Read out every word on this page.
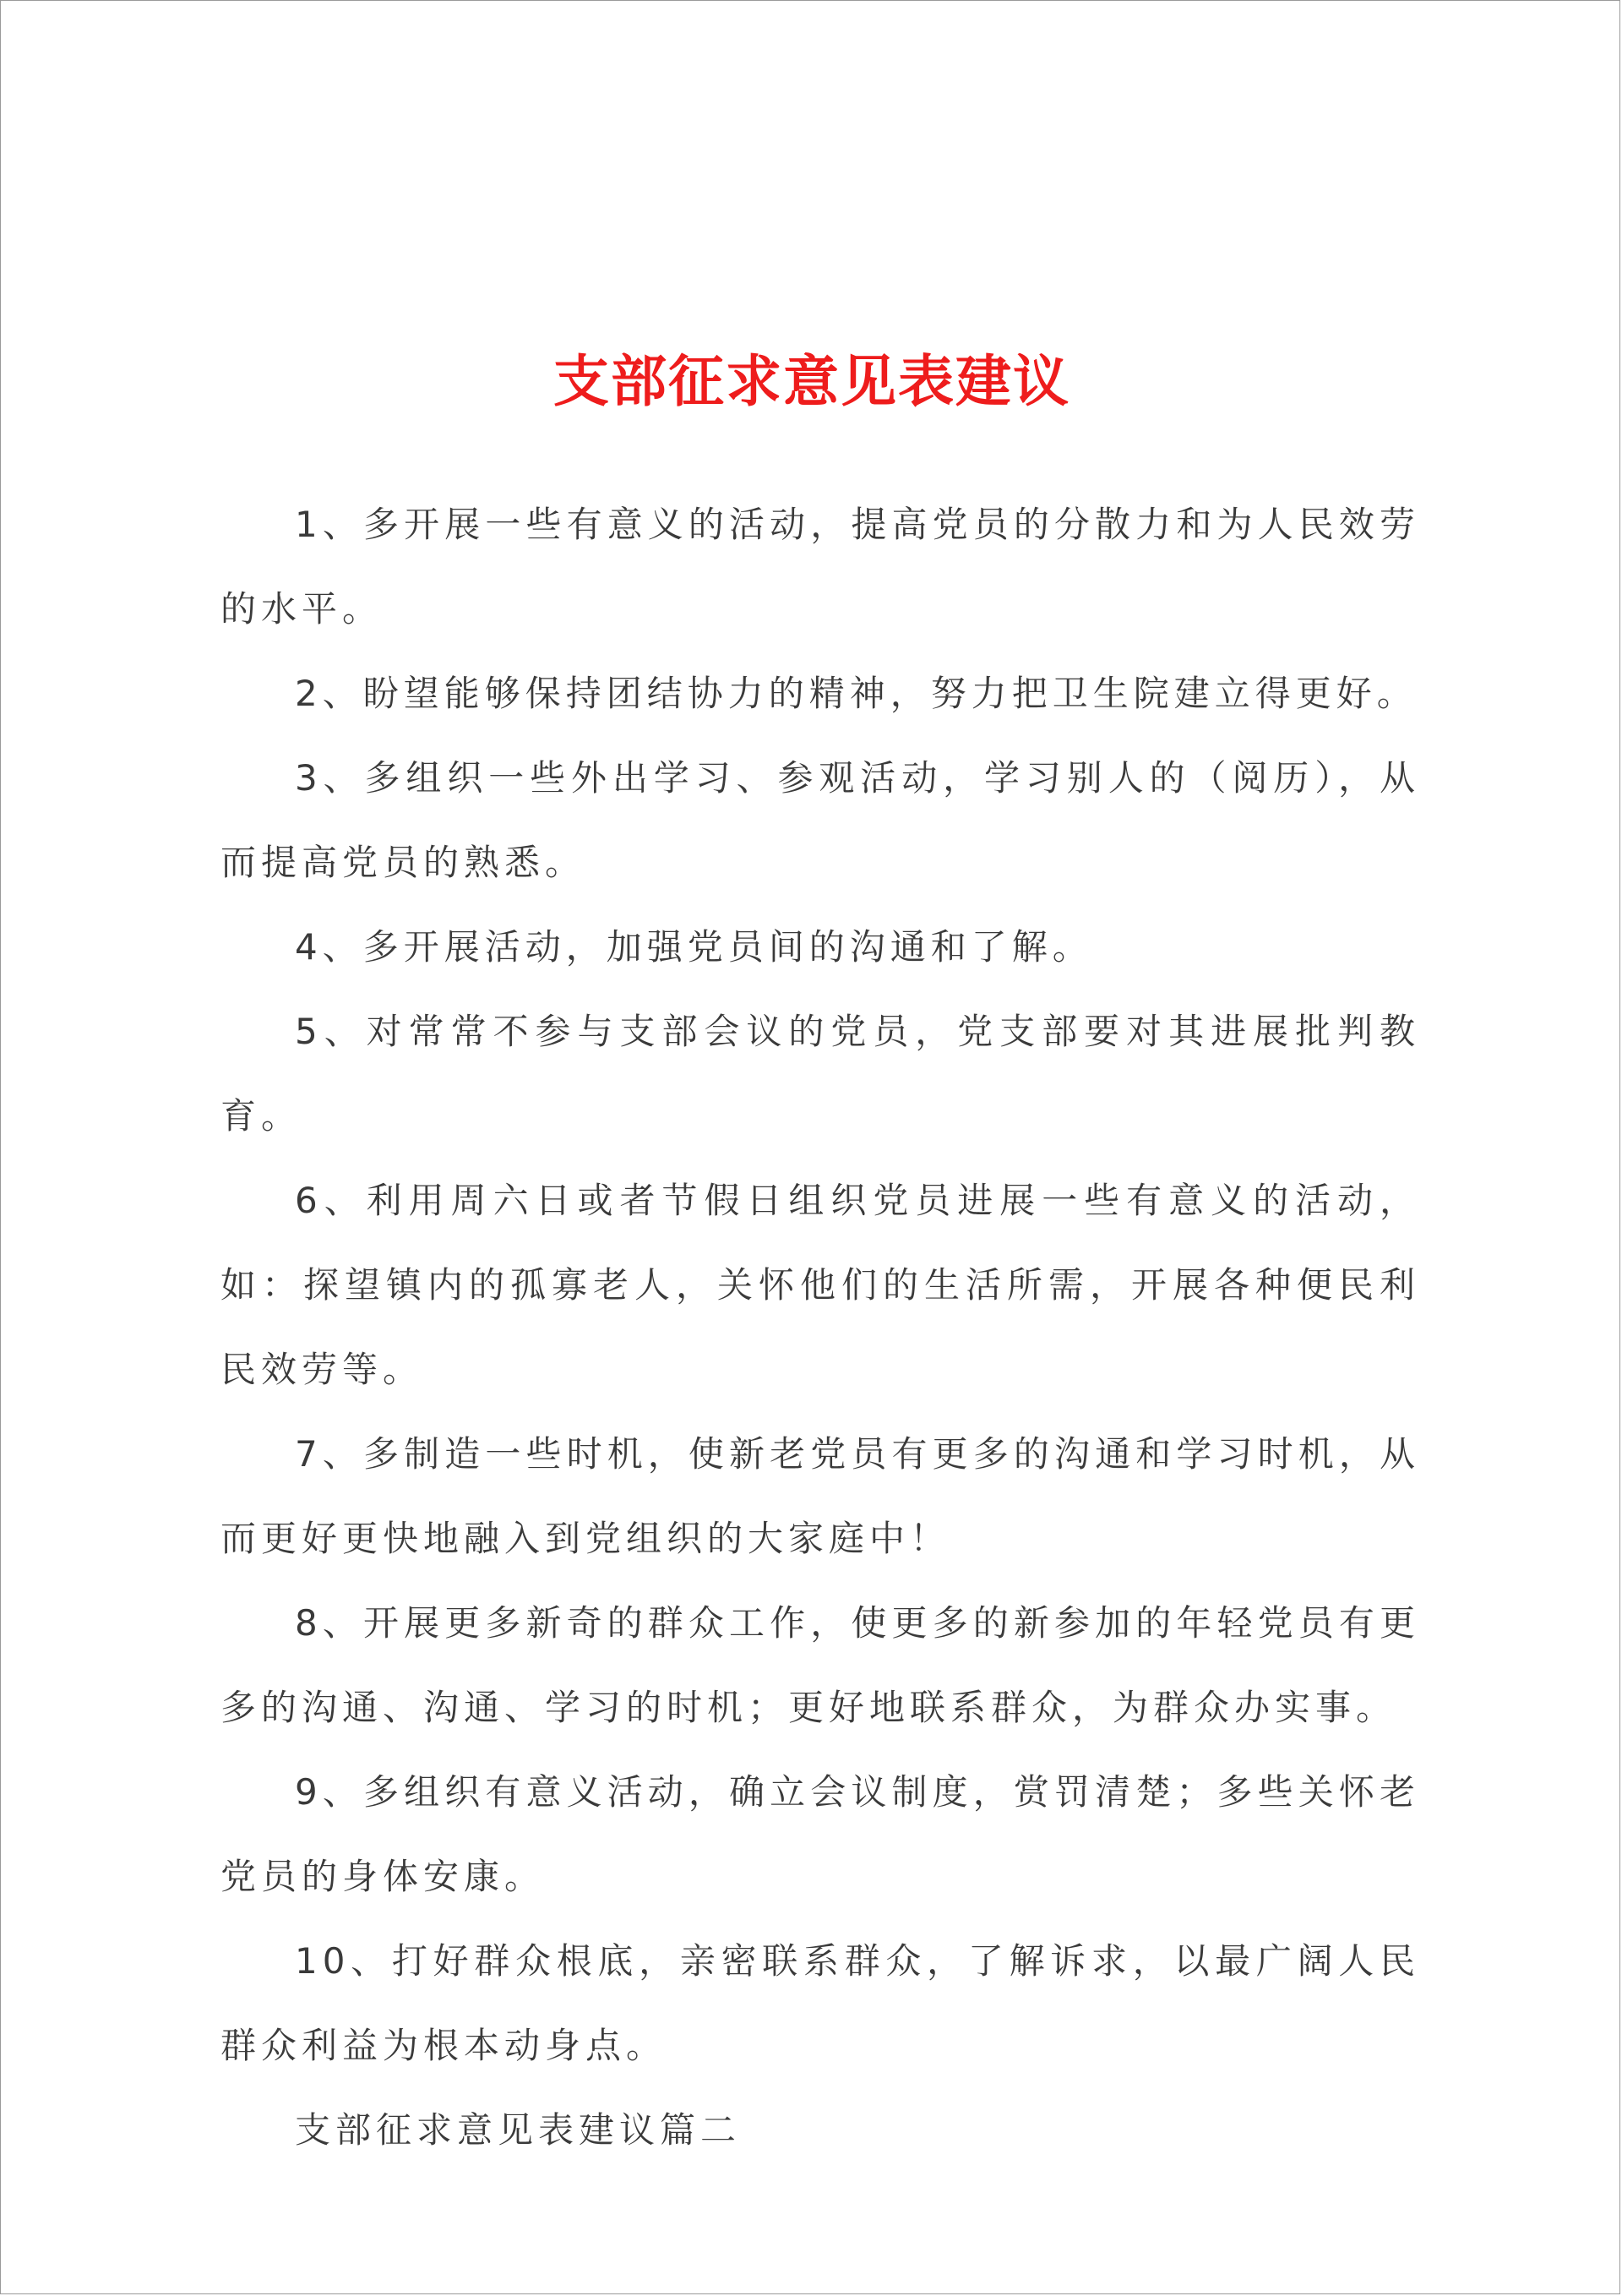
支部征求意见表建议

1、多开展一些有意义的活动，提高党员的分散力和为人民效劳的水平。

2、盼望能够保持团结协力的精神，努力把卫生院建立得更好。

3、多组织一些外出学习、参观活动，学习别人的（阅历），从而提高党员的熟悉。

4、多开展活动，加强党员间的沟通和了解。

5、对常常不参与支部会议的党员，党支部要对其进展批判教育。

6、利用周六日或者节假日组织党员进展一些有意义的活动，如：探望镇内的孤寡老人，关怀他们的生活所需，开展各种便民利民效劳等。

7、多制造一些时机，使新老党员有更多的沟通和学习时机，从而更好更快地融入到党组织的大家庭中！

8、开展更多新奇的群众工作，使更多的新参加的年轻党员有更多的沟通、沟通、学习的时机；更好地联系群众，为群众办实事。

9、多组织有意义活动，确立会议制度，赏罚清楚；多些关怀老党员的身体安康。

10、打好群众根底，亲密联系群众，了解诉求，以最广阔人民群众利益为根本动身点。

支部征求意见表建议篇二
